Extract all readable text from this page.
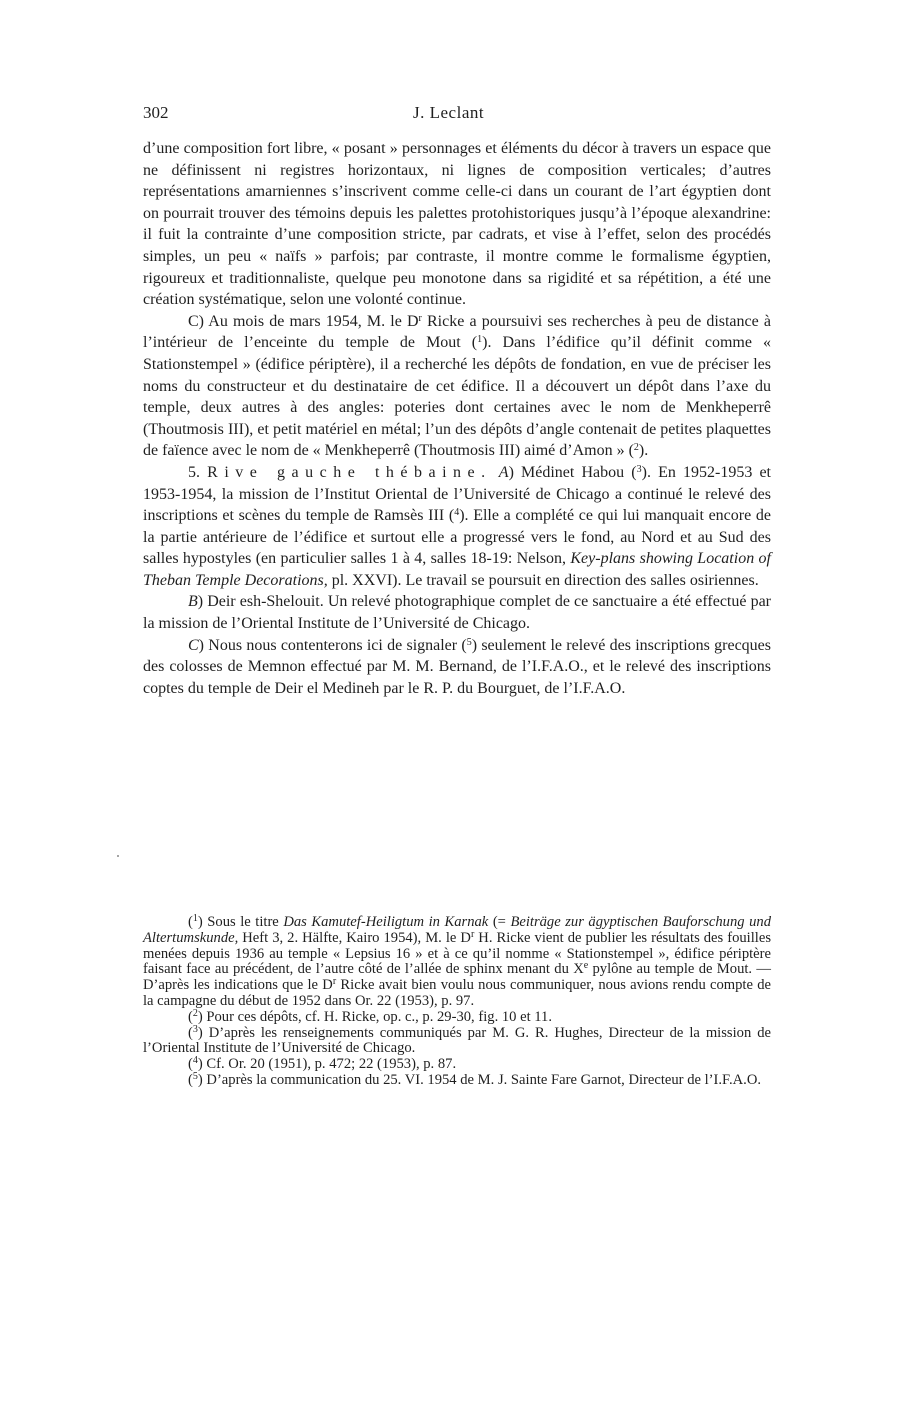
302	J. Leclant

d’une composition fort libre, « posant » personnages et éléments du décor à travers un espace que ne définissent ni registres horizontaux, ni lignes de composition verticales; d’autres représentations amarniennes s’inscrivent comme celle-ci dans un courant de l’art égyptien dont on pourrait trouver des témoins depuis les palettes protohistoriques jusqu’à l’époque alexandrine: il fuit la contrainte d’une composition stricte, par cadrats, et vise à l’effet, selon des procédés simples, un peu « naïfs » parfois; par contraste, il montre comme le formalisme égyptien, rigoureux et traditionnaliste, quelque peu monotone dans sa rigidité et sa répétition, a été une création systématique, selon une volonté continue.

C) Au mois de mars 1954, M. le $D^r$ Ricke a poursuivi ses recherches à peu de distance à l’intérieur de l’enceinte du temple de Mout ($^1$). Dans l’édifice qu’il définit comme « Stationstempel » (édifice périptère), il a recherché les dépôts de fondation, en vue de préciser les noms du constructeur et du destinataire de cet édifice. Il a découvert un dépôt dans l’axe du temple, deux autres à des angles: poteries dont certaines avec le nom de Menkheperrê (Thoutmosis III), et petit matériel en métal; l’un des dépôts d’angle contenait de petites plaquettes de faïence avec le nom de « Menkheperrê (Thoutmosis III) aimé d’Amon » ($^2$).

5. Rive gauche thébaine. A) Médinet Habou ($^3$). En 1952-1953 et 1953-1954, la mission de l’Institut Oriental de l’Université de Chicago a continué le relevé des inscriptions et scènes du temple de Ramsès III ($^4$). Elle a complété ce qui lui manquait encore de la partie antérieure de l’édifice et surtout elle a progressé vers le fond, au Nord et au Sud des salles hypostyles (en particulier salles 1 à 4, salles 18-19: Nelson, Key-plans showing Location of Theban Temple Decorations, pl. XXVI). Le travail se poursuit en direction des salles osiriennes.

B) Deir esh-Shelouit. Un relevé photographique complet de ce sanctuaire a été effectué par la mission de l’Oriental Institute de l’Université de Chicago.

C) Nous nous contenterons ici de signaler ($^5$) seulement le relevé des inscriptions grecques des colosses de Memnon effectué par M. M. Bernand, de l’I.F.A.O., et le relevé des inscriptions coptes du temple de Deir el Medineh par le R. P. du Bourguet, de l’I.F.A.O.

($^1$) Sous le titre Das Kamutef-Heiligtum in Karnak (= Beiträge zur ägyptischen Bauforschung und Altertumskunde, Heft 3, 2. Hälfte, Kairo 1954), M. le $D^r$ H. Ricke vient de publier les résultats des fouilles menées depuis 1936 au temple « Lepsius 16 » et à ce qu’il nomme « Stationstempel », édifice périptère faisant face au précédent, de l’autre côté de l’allée de sphinx menant du Xe pylône au temple de Mout. — D’après les indications que le $D^r$ Ricke avait bien voulu nous communiquer, nous avions rendu compte de la campagne du début de 1952 dans Or. 22 (1953), p. 97.

($^2$) Pour ces dépôts, cf. H. Ricke, op. c., p. 29-30, fig. 10 et 11.

($^3$) D’après les renseignements communiqués par M. G. R. Hughes, Directeur de la mission de l’Oriental Institute de l’Université de Chicago.

($^4$) Cf. Or. 20 (1951), p. 472; 22 (1953), p. 87.

($^5$) D’après la communication du 25. VI. 1954 de M. J. Sainte Fare Garnot, Directeur de l’I.F.A.O.
